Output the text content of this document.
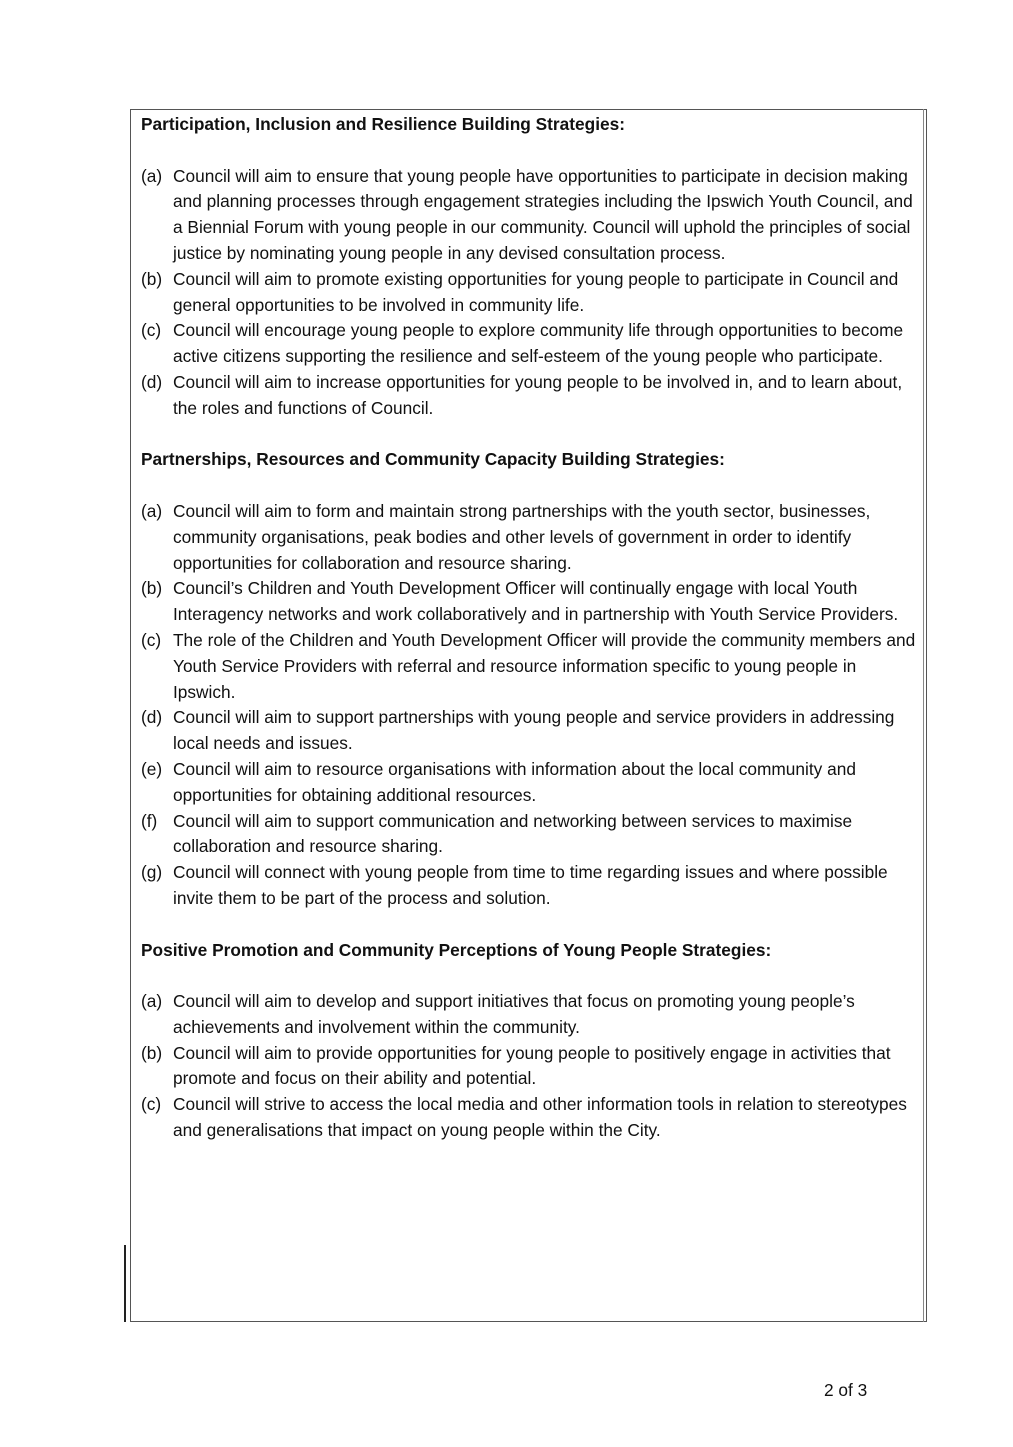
Participation, Inclusion and Resilience Building Strategies:

(a) Council will aim to ensure that young people have opportunities to participate in decision making and planning processes through engagement strategies including the Ipswich Youth Council, and a Biennial Forum with young people in our community. Council will uphold the principles of social justice by nominating young people in any devised consultation process.
(b) Council will aim to promote existing opportunities for young people to participate in Council and general opportunities to be involved in community life.
(c) Council will encourage young people to explore community life through opportunities to become active citizens supporting the resilience and self-esteem of the young people who participate.
(d) Council will aim to increase opportunities for young people to be involved in, and to learn about, the roles and functions of Council.

Partnerships, Resources and Community Capacity Building Strategies:

(a) Council will aim to form and maintain strong partnerships with the youth sector, businesses, community organisations, peak bodies and other levels of government in order to identify opportunities for collaboration and resource sharing.
(b) Council’s Children and Youth Development Officer will continually engage with local Youth Interagency networks and work collaboratively and in partnership with Youth Service Providers.
(c) The role of the Children and Youth Development Officer will provide the community members and Youth Service Providers with referral and resource information specific to young people in Ipswich.
(d) Council will aim to support partnerships with young people and service providers in addressing local needs and issues.
(e) Council will aim to resource organisations with information about the local community and opportunities for obtaining additional resources.
(f) Council will aim to support communication and networking between services to maximise collaboration and resource sharing.
(g) Council will connect with young people from time to time regarding issues and where possible invite them to be part of the process and solution.

Positive Promotion and Community Perceptions of Young People Strategies:

(a) Council will aim to develop and support initiatives that focus on promoting young people’s achievements and involvement within the community.
(b) Council will aim to provide opportunities for young people to positively engage in activities that promote and focus on their ability and potential.
(c) Council will strive to access the local media and other information tools in relation to stereotypes and generalisations that impact on young people within the City.
2 of 3
